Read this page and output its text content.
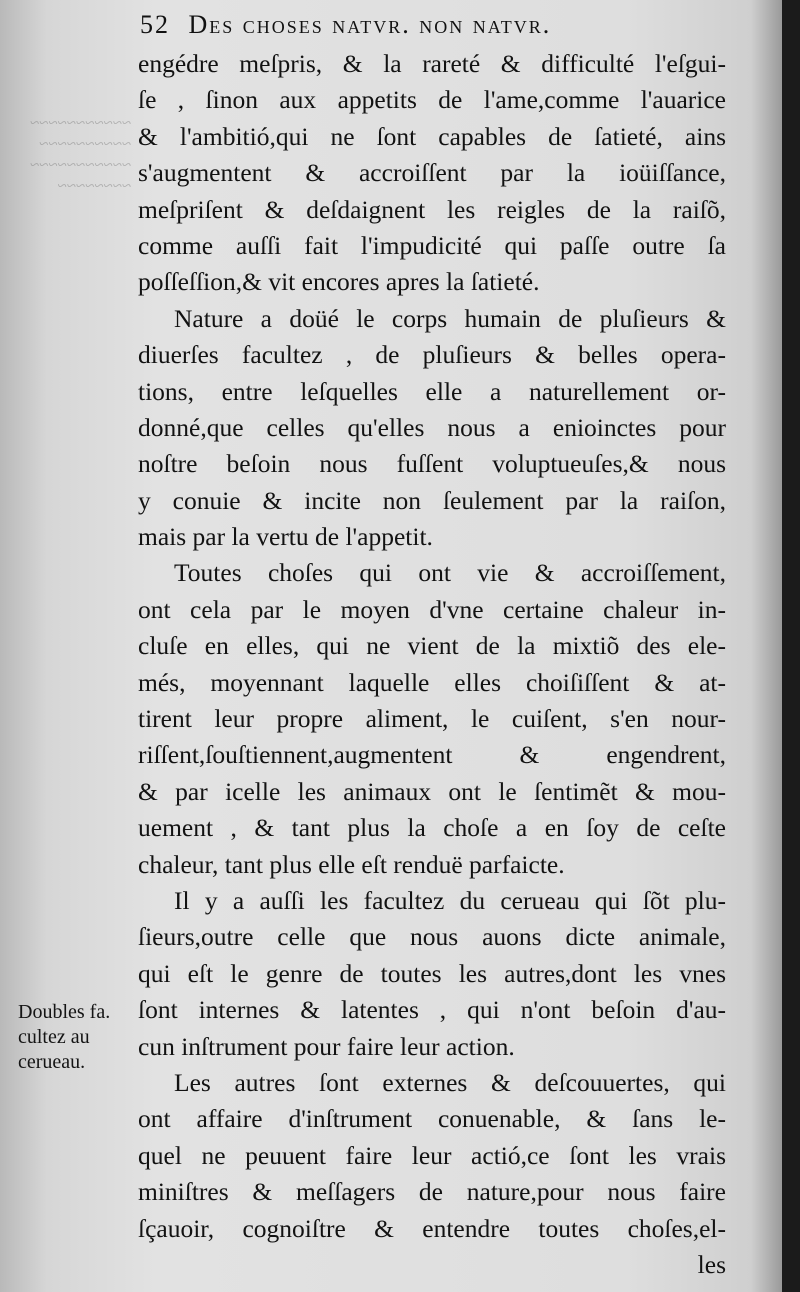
~~~~~~~~~~~
~~~~~~~~~~
~~~~~~~~~~~
~~~~~~~~
52 Des choses natvr. non natvr.
engédre meſpris, & la rareté & difficulté l'eſgui-
ſe , ſinon aux appetits de l'ame,comme l'auarice
& l'ambitió,qui ne ſont capables de ſatieté, ains
s'augmentent & accroiſſent par la ioüiſſance,
meſpriſent & deſdaignent les reigles de la raiſõ,
comme auſſi fait l'impudicité qui paſſe outre ſa
poſſeſſion,& vit encores apres la ſatieté.
Nature a doüé le corps humain de pluſieurs &
diuerſes facultez , de pluſieurs & belles opera-
tions, entre leſquelles elle a naturellement or-
donné,que celles qu'elles nous a enioinctes pour
noſtre beſoin nous fuſſent voluptueuſes,& nous
y conuie & incite non ſeulement par la raiſon,
mais par la vertu de l'appetit.
Toutes choſes qui ont vie & accroiſſement,
ont cela par le moyen d'vne certaine chaleur in-
cluſe en elles, qui ne vient de la mixtiõ des ele-
més, moyennant laquelle elles choiſiſſent & at-
tirent leur propre aliment, le cuiſent, s'en nour-
riſſent,ſouſtiennent,augmentent & engendrent,
& par icelle les animaux ont le ſentimẽt & mou-
uement , & tant plus la choſe a en ſoy de ceſte
chaleur, tant plus elle eſt renduë parfaicte.
Il y a auſſi les facultez du cerueau qui ſõt plu-
ſieurs,outre celle que nous auons dicte animale,
qui eſt le genre de toutes les autres,dont les vnes
ſont internes & latentes , qui n'ont beſoin d'au-
cun inſtrument pour faire leur action.
Les autres ſont externes & deſcouuertes, qui
ont affaire d'inſtrument conuenable, & ſans le-
quel ne peuuent faire leur actió,ce ſont les vrais
miniſtres & meſſagers de nature,pour nous faire
ſçauoir, cognoiſtre & entendre toutes choſes,el-
les
Doubles fa.
cultez au
cerueau.
